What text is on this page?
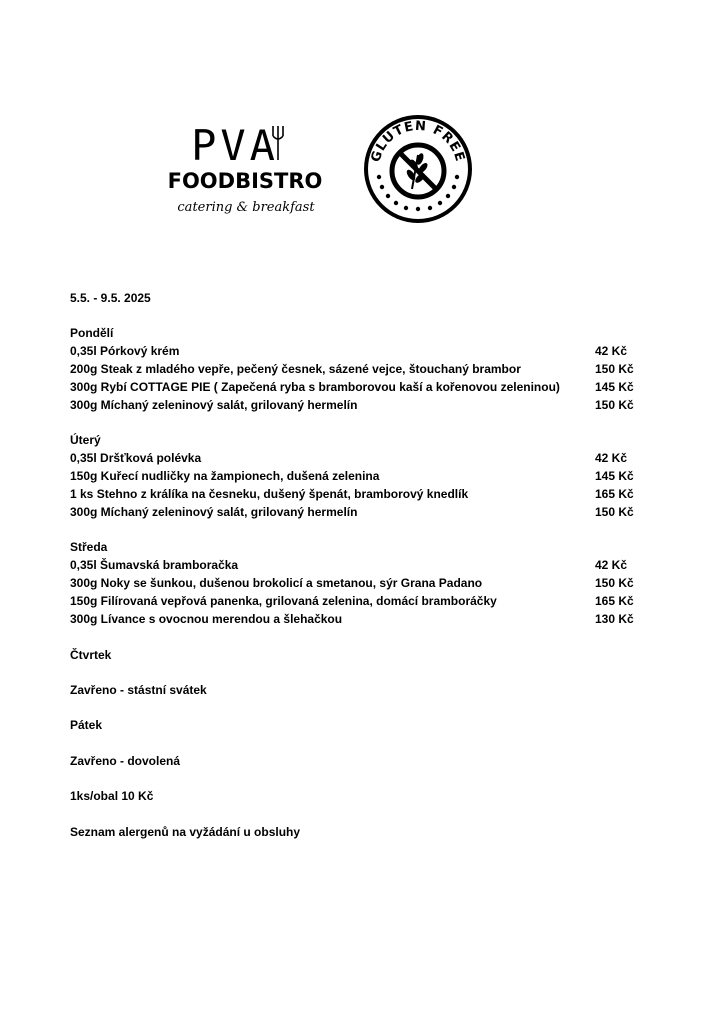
PVA
FOODBISTRO
catering & breakfast
GLUTEN FREE
5.5. - 9.5. 2025
Pondělí
0,35l Pórkový krém	42 Kč
200g Steak z mladého vepře, pečený česnek, sázené vejce, štouchaný brambor	150 Kč
300g Rybí COTTAGE PIE ( Zapečená ryba s bramborovou kaší a kořenovou zeleninou)	145 Kč
300g Míchaný zeleninový salát, grilovaný hermelín	150 Kč
Úterý
0,35l Dršťková polévka	42 Kč
150g Kuřecí nudličky na žampionech, dušená zelenina	145 Kč
1 ks Stehno z králíka na česneku, dušený špenát, bramborový knedlík	165 Kč
300g Míchaný zeleninový salát, grilovaný hermelín	150 Kč
Středa
0,35l Šumavská bramboračka	42 Kč
300g Noky se šunkou, dušenou brokolicí a smetanou, sýr Grana Padano	150 Kč
150g Filírovaná vepřová panenka, grilovaná zelenina, domácí bramboráčky	165 Kč
300g Lívance s ovocnou merendou a šlehačkou	130 Kč
Čtvrtek
Zavřeno - stástní svátek
Pátek
Zavřeno - dovolená
1ks/obal 10 Kč
Seznam alergenů na vyžádání u obsluhy
